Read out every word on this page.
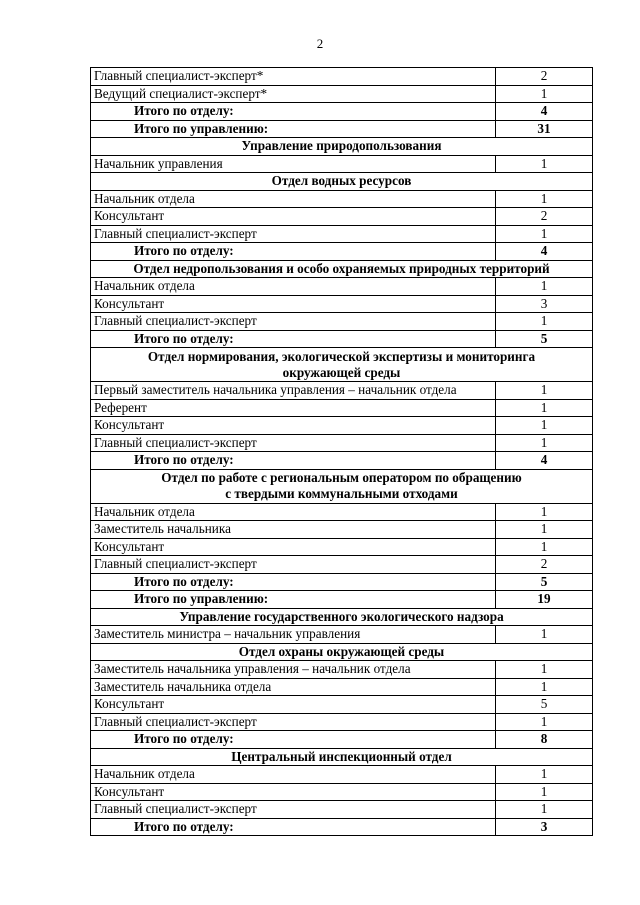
2
Главный специалист-эксперт*	2
Ведущий специалист-эксперт*	1
Итого по отделу:	4
Итого по управлению:	31
Управление природопользования	
Начальник управления	1
Отдел водных ресурсов	
Начальник отдела	1
Консультант	2
Главный специалист-эксперт	1
Итого по отделу:	4
Отдел недропользования и особо охраняемых природных территорий	
Начальник отдела	1
Консультант	3
Главный специалист-эксперт	1
Итого по отделу:	5

Отдел нормирования, экологической экспертизы и мониторинга
окружающей среды	

Первый заместитель начальника управления – начальник отдела	1
Референт	1
Консультант	1
Главный специалист-эксперт	1
Итого по отделу:	4

Отдел по работе с региональным оператором по обращению
с твердыми коммунальными отходами	

Начальник отдела	1
Заместитель начальника	1
Консультант	1
Главный специалист-эксперт	2
Итого по отделу:	5
Итого по управлению:	19
Управление государственного экологического надзора	
Заместитель министра – начальник управления	1
Отдел охраны окружающей среды	
Заместитель начальника управления – начальник отдела	1
Заместитель начальника отдела	1
Консультант	5
Главный специалист-эксперт	1
Итого по отделу:	8
Центральный инспекционный отдел	
Начальник отдела	1
Консультант	1
Главный специалист-эксперт	1
Итого по отделу:	3
